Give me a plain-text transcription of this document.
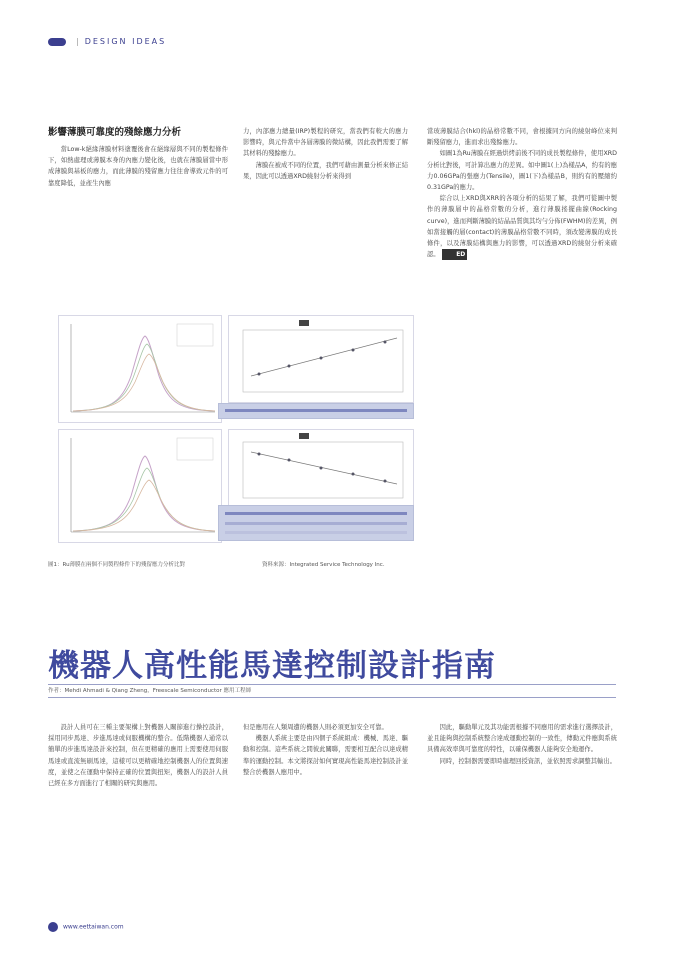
| DESIGN IDEAS
影響薄膜可靠度的殘餘應力分析

當Low-k絕緣薄膜材料塗覆後會在絕緣層與不同的製程條件下，如熱處理或薄膜本身的內應力變化後，也就在薄膜層當中形成薄膜與基板的應力，而此薄膜的殘留應力往往會導致元件的可靠度降低，並產生內應

力，內部應力總量(IRP)製程的研究，當我們有較大的應力影響時，與元件當中各層薄膜的微結構，因此我們需要了解其材料的殘餘應力。

薄膜在被成不同的位置，我們可藉由測量分析來修正結果，因此可以透過XRD繞射分析來得到

當玻薄膜結合(hkl)的晶格常數不同，會根據同方向的繞射峰位來判斷殘留應力，進而求出殘餘應力。

如圖1為Ru薄膜在經過烘烤前後不同的成長製程條件，使用XRD分析比對後，可計算出應力的差異。如中圖1(上)為樣品A，約有的應力0.06GPa的張應力(Tensile)，圖1(下)為樣品B，則約有的壓縮約0.31GPa的應力。

綜合以上XRD與XRR的各項分析的結果了解，我們可從圖中製作的薄膜層中的晶格常數的分析，進行薄膜搖擺曲線(Rocking curve)，進而判斷薄膜的結晶品質與其均勻分佈(FWHM)的差異，例如當接觸的層(contact)的薄膜晶格常數不同時，須改變薄膜的成長條件，以及薄膜結構與應力的影響，可以透過XRD的繞射分析來確認。	ED

圖1：Ru薄膜在兩個不同製程條件下的殘留應力分析比對	資料來源：Integrated Service Technology Inc.
機器人高性能馬達控制設計指南
作者：Mehdi Ahmadi & Qiang Zheng，Freescale Semiconductor 應用工程師

設計人員可在三種主要架構上對機器人關節進行操控設計，採用同步馬達、步進馬達或伺服機構的整合。低階機器人通常以簡單的步進馬達設計來控制，但在更精確的應用上需要使用伺服馬達或直流無刷馬達，這樣可以更精確地控制機器人的位置與速度，並使之在運動中保持正確的位置與扭矩，機器人的設計人員已經在多方面進行了相關的研究與應用。

但是應用在人類周遭的機器人則必須更加安全可靠。

機器人系統主要是由四個子系統組成：機械、馬達、驅動和控制。這些系統之間彼此關聯，需要相互配合以達成精準的運動控制。本文將探討如何實現高性能馬達控制設計並整合於機器人應用中。

因此，驅動單元及其功能需根據不同應用的需求進行選擇設計，並且能夠與控制系統整合達成運動控制的一致性，傳動元件應與系統具備高效率與可靠度的特性，以確保機器人能夠安全地運作。

同時，控制器需要即時處理回授資訊，並依照需求調整其輸出。

www.eettaiwan.com
